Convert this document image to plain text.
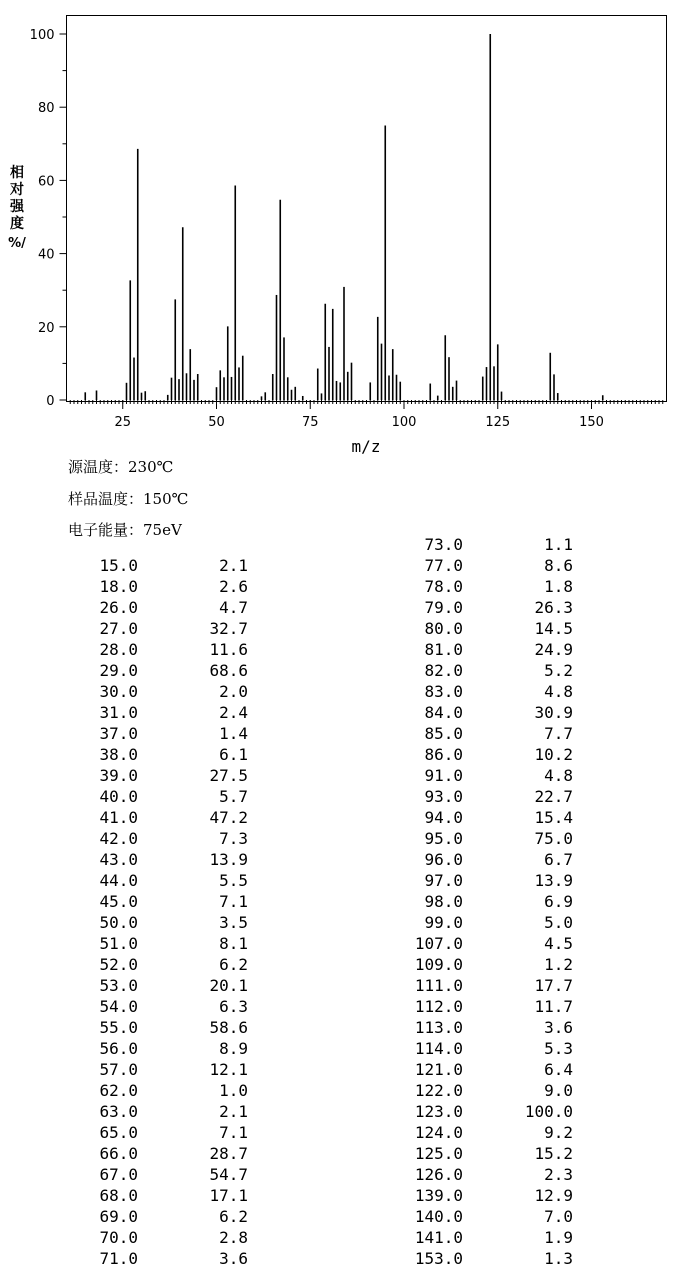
25	50	75	100	125	150
0
20
40
60
80
100
相
对
强
度
%/
m/z
源温度：230℃
样品温度：150℃
电子能量：75eV
15.0	2.1
18.0	2.6
26.0	4.7
27.0	32.7
28.0	11.6
29.0	68.6
30.0	2.0
31.0	2.4
37.0	1.4
38.0	6.1
39.0	27.5
40.0	5.7
41.0	47.2
42.0	7.3
43.0	13.9
44.0	5.5
45.0	7.1
50.0	3.5
51.0	8.1
52.0	6.2
53.0	20.1
54.0	6.3
55.0	58.6
56.0	8.9
57.0	12.1
62.0	1.0
63.0	2.1
65.0	7.1
66.0	28.7
67.0	54.7
68.0	17.1
69.0	6.2
70.0	2.8
71.0	3.6
73.0	1.1
77.0	8.6
78.0	1.8
79.0	26.3
80.0	14.5
81.0	24.9
82.0	5.2
83.0	4.8
84.0	30.9
85.0	7.7
86.0	10.2
91.0	4.8
93.0	22.7
94.0	15.4
95.0	75.0
96.0	6.7
97.0	13.9
98.0	6.9
99.0	5.0
107.0	4.5
109.0	1.2
111.0	17.7
112.0	11.7
113.0	3.6
114.0	5.3
121.0	6.4
122.0	9.0
123.0	100.0
124.0	9.2
125.0	15.2
126.0	2.3
139.0	12.9
140.0	7.0
141.0	1.9
153.0	1.3
